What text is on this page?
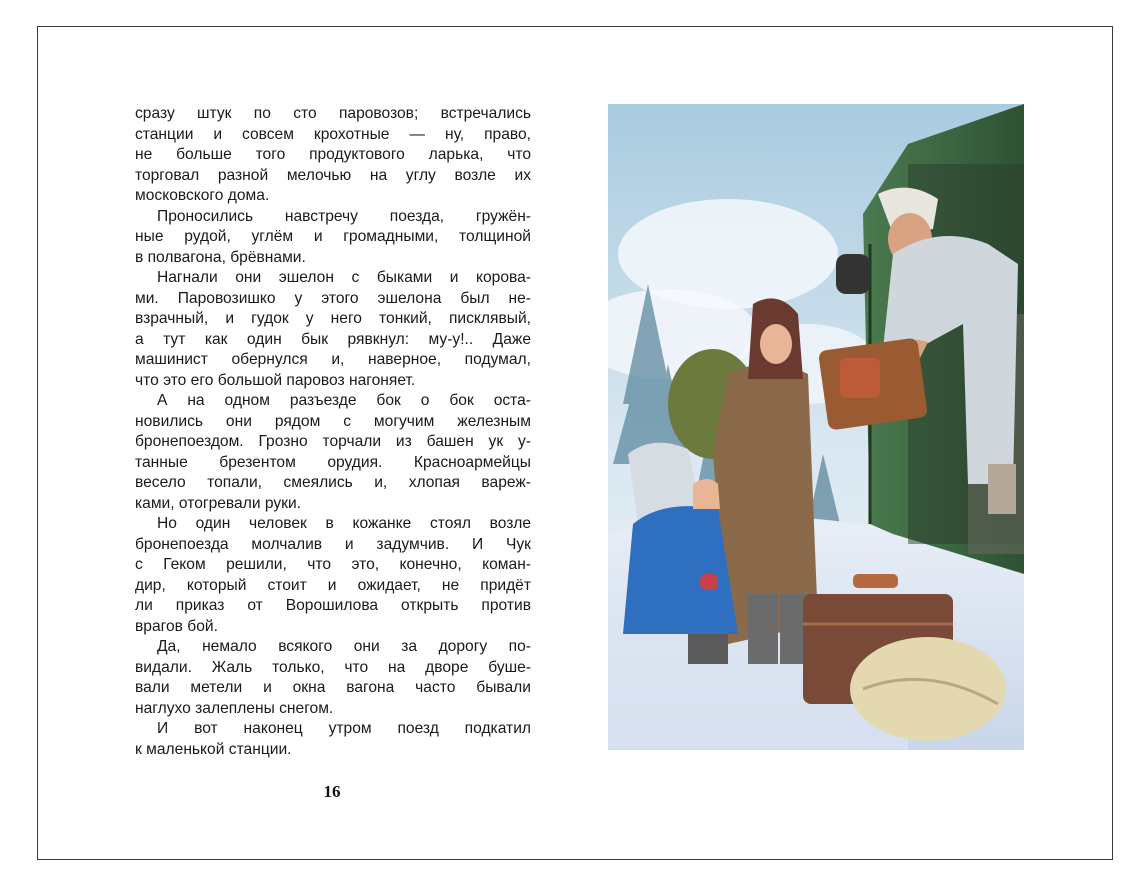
сразу штук по сто паровозов; встречались
станции и совсем крохотные — ну, право,
не больше того продуктового ларька, что
торговал разной мелочью на углу возле их
московского дома.
Проносились навстречу поезда, гружён-
ные рудой, углём и громадными, толщиной
в полвагона, брёвнами.
Нагнали они эшелон с быками и корова-
ми. Паровозишко у этого эшелона был не-
взрачный, и гудок у него тонкий, писклявый,
а тут как один бык рявкнул: му-у!.. Даже
машинист обернулся и, наверное, подумал,
что это его большой паровоз нагоняет.
А на одном разъезде бок о бок оста-
новились они рядом с могучим железным
бронепоездом. Грозно торчали из башен ук у-
танные брезентом орудия. Красноармейцы
весело топали, смеялись и, хлопая вареж-
ками, отогревали руки.
Но один человек в кожанке стоял возле
бронепоезда молчалив и задумчив. И Чук
с Геком решили, что это, конечно, коман-
дир, который стоит и ожидает, не придёт
ли приказ от Ворошилова открыть против
врагов бой.
Да, немало всякого они за дорогу по-
видали. Жаль только, что на дворе буше-
вали метели и окна вагона часто бывали
наглухо залеплены снегом.
И вот наконец утром поезд подкатил
к маленькой станции.
16
